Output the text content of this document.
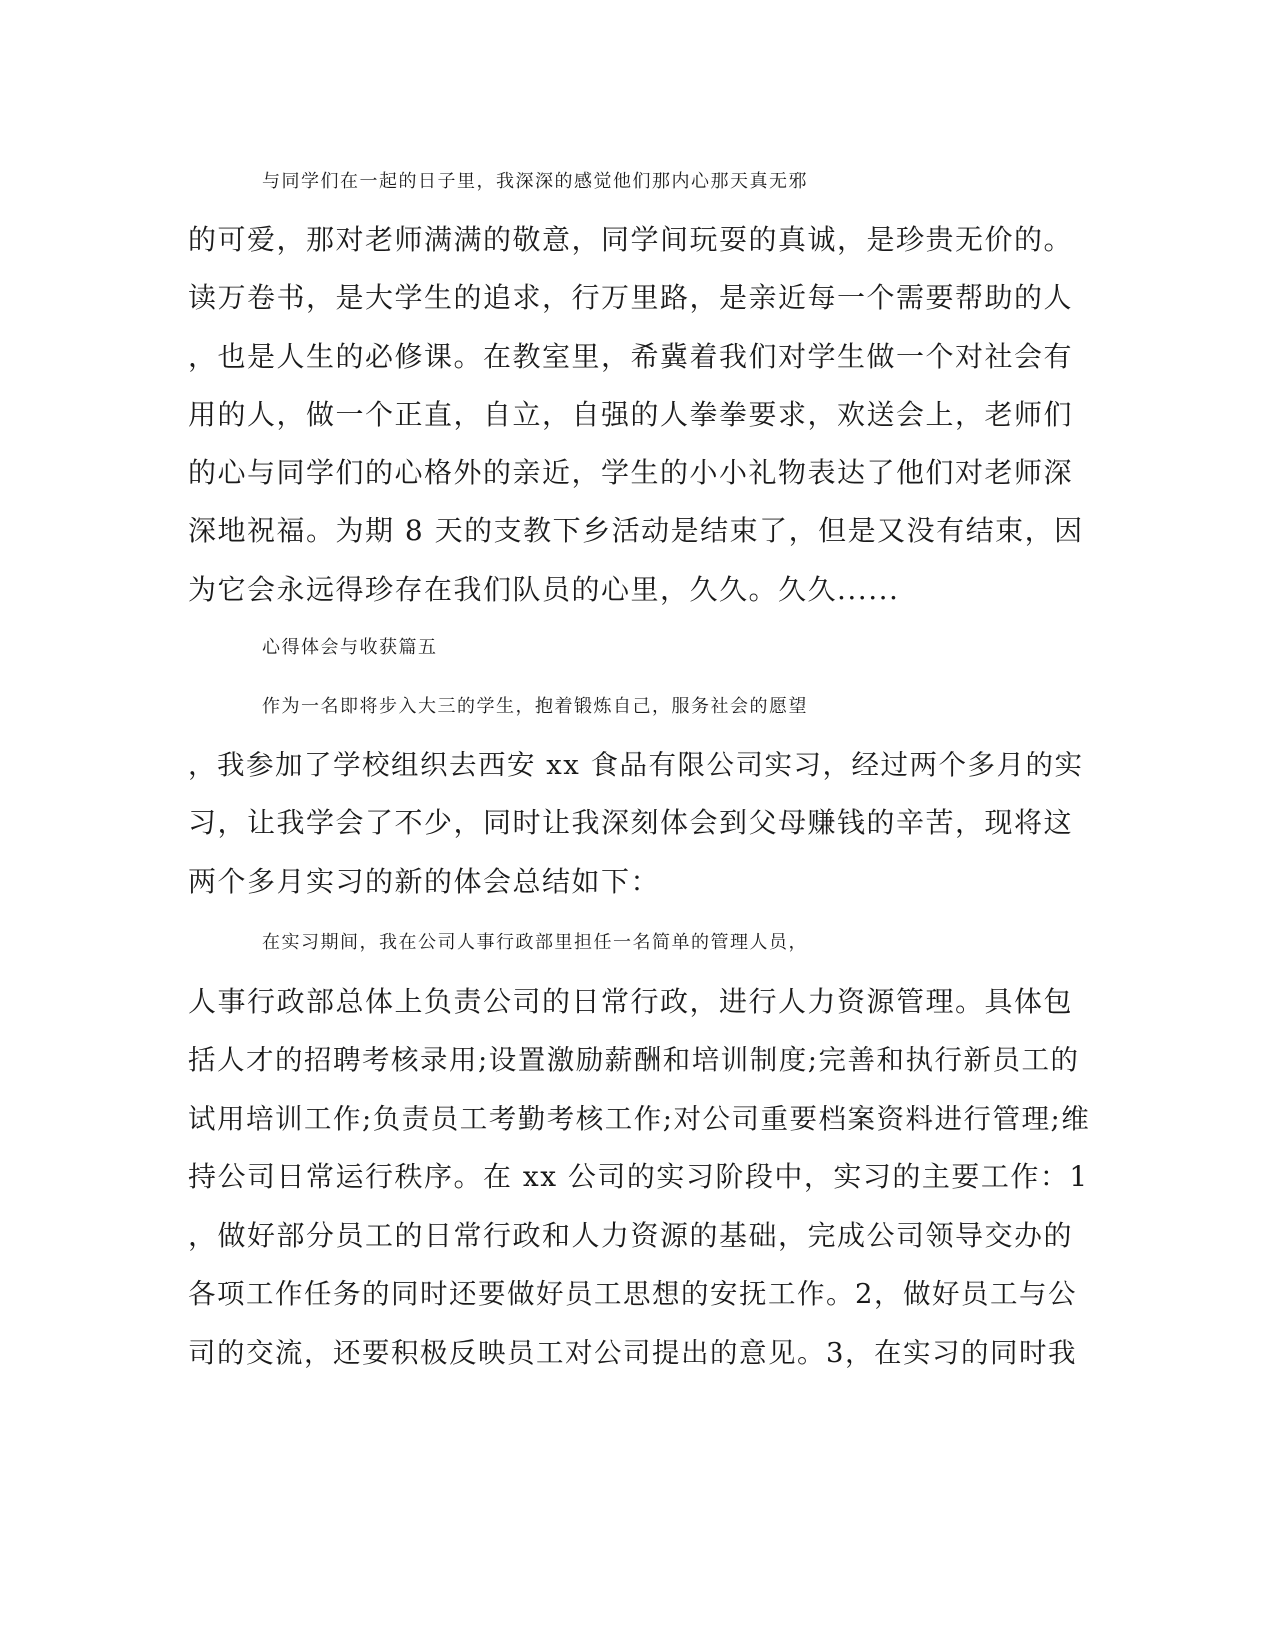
与同学们在一起的日子里，我深深的感觉他们那内心那天真无邪
的可爱，那对老师满满的敬意，同学间玩耍的真诚，是珍贵无价的。
读万卷书，是大学生的追求，行万里路，是亲近每一个需要帮助的人
，也是人生的必修课。在教室里，希冀着我们对学生做一个对社会有
用的人，做一个正直，自立，自强的人拳拳要求，欢送会上，老师们
的心与同学们的心格外的亲近，学生的小小礼物表达了他们对老师深
深地祝福。为期 8 天的支教下乡活动是结束了，但是又没有结束，因
为它会永远得珍存在我们队员的心里，久久。久久......
心得体会与收获篇五
作为一名即将步入大三的学生，抱着锻炼自己，服务社会的愿望
，我参加了学校组织去西安 xx 食品有限公司实习，经过两个多月的实
习，让我学会了不少，同时让我深刻体会到父母赚钱的辛苦，现将这
两个多月实习的新的体会总结如下：
在实习期间，我在公司人事行政部里担任一名简单的管理人员，
人事行政部总体上负责公司的日常行政，进行人力资源管理。具体包
括人才的招聘考核录用;设置激励薪酬和培训制度;完善和执行新员工的
试用培训工作;负责员工考勤考核工作;对公司重要档案资料进行管理;维
持公司日常运行秩序。在 xx 公司的实习阶段中，实习的主要工作：1
，做好部分员工的日常行政和人力资源的基础，完成公司领导交办的
各项工作任务的同时还要做好员工思想的安抚工作。2，做好员工与公
司的交流，还要积极反映员工对公司提出的意见。3，在实习的同时我
